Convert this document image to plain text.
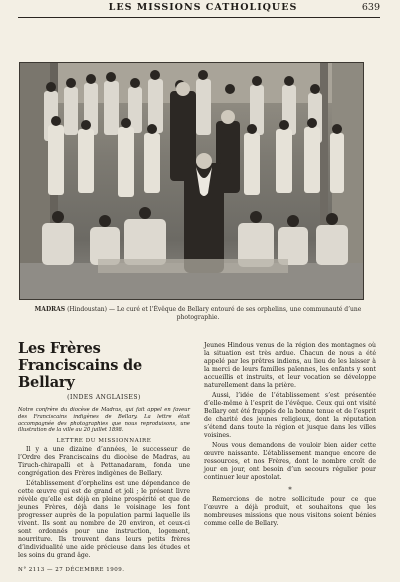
LES MISSIONS CATHOLIQUES	639
MADRAS (Hindoustan) — Le curé et l’Évêque de Bellary entouré de ses orphelins, une communauté d’une photographie.
Les Frères Franciscains de Bellary
(INDES ANGLAISES)
Notre confrère du diocèse de Madras, qui fait appel en faveur des Franciscains indigènes de Bellary. La lettre était accompagnée des photographies que nous reproduisons, une illustration de la ville au 20 juillet 1898.
LETTRE DU MISSIONNAIRE

Il y a une dizaine d’années, le successeur de l’Ordre des Franciscains du diocèse de Madras, au Tiruch-chirapalli et à Pettanadaram, fonda une congrégation des Frères indigènes de Bellary.

L’établissement d’orphelins est une dépendance de cette œuvre qui est de grand et joli ; le présent livre révèle qu’elle est déjà en pleine prospérité et que de jeunes Frères, déjà dans le voisinage les font progresser auprès de la population parmi laquelle ils vivent. Ils sont au nombre de 20 environ, et ceux-ci sont ordonnés pour une instruction, logement, nourriture. Ils trouvent dans leurs petits frères d’individualité une aide précieuse dans les études et les soins du grand âge.

Jeunes Hindous venus de la région des montagnes où la situation est très ardue. Chacun de nous a été appelé par les prêtres indiens, au lieu de les laisser à la merci de leurs familles païennes, les enfants y sont accueillis et instruits, et leur vocation se développe naturellement dans la prière.

Aussi, l’idée de l’établissement s’est présentée d’elle-même à l’esprit de l’évêque. Ceux qui ont visité Bellary ont été frappés de la bonne tenue et de l’esprit de charité des jeunes religieux, dont la réputation s’étend dans toute la région et jusque dans les villes voisines.

Nous vous demandons de vouloir bien aider cette œuvre naissante. L’établissement manque encore de ressources, et nos Frères, dont le nombre croît de jour en jour, ont besoin d’un secours régulier pour continuer leur apostolat.

*

Remercions de notre sollicitude pour ce que l’œuvre a déjà produit, et souhaitons que les nombreuses missions que nous visitons soient bénies comme celle de Bellary.

N° 2113 — 27 DÉCEMBRE 1909.
